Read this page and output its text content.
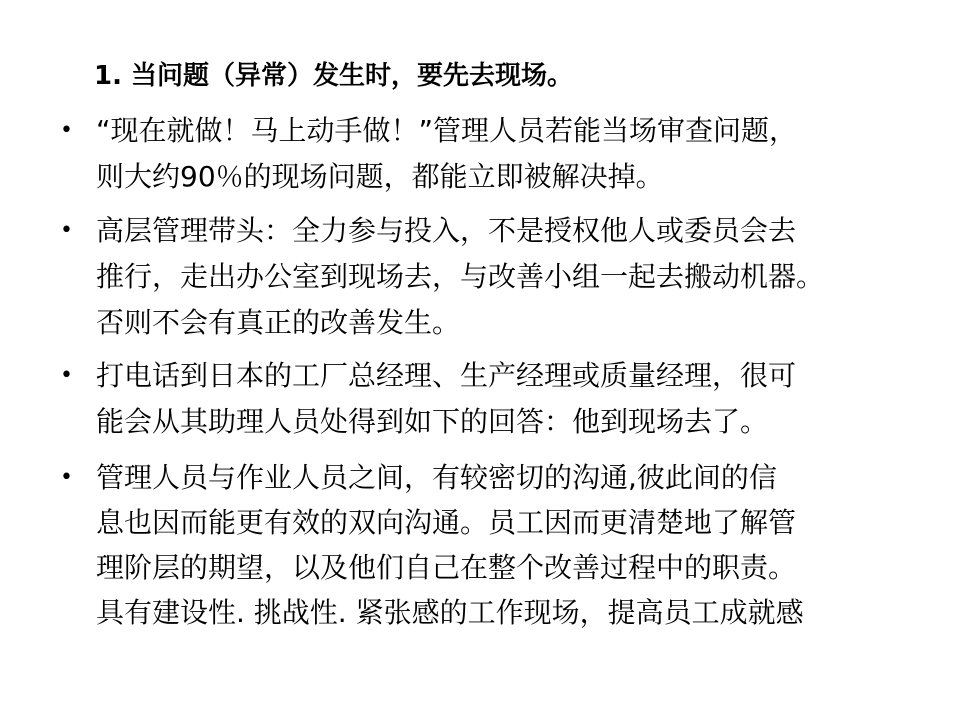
1. 当问题（异常）发生时，要先去现场。
• “现在就做！马上动手做！”管理人员若能当场审查问题，
则大约90％的现场问题，都能立即被解决掉。
• 高层管理带头：全力参与投入，不是授权他人或委员会去
推行，走出办公室到现场去，与改善小组一起去搬动机器。
否则不会有真正的改善发生。
• 打电话到日本的工厂总经理、生产经理或质量经理，很可
能会从其助理人员处得到如下的回答：他到现场去了。
• 管理人员与作业人员之间，有较密切的沟通,彼此间的信
息也因而能更有效的双向沟通。员工因而更清楚地了解管
理阶层的期望，以及他们自己在整个改善过程中的职责。
具有建设性. 挑战性. 紧张感的工作现场，提高员工成就感
